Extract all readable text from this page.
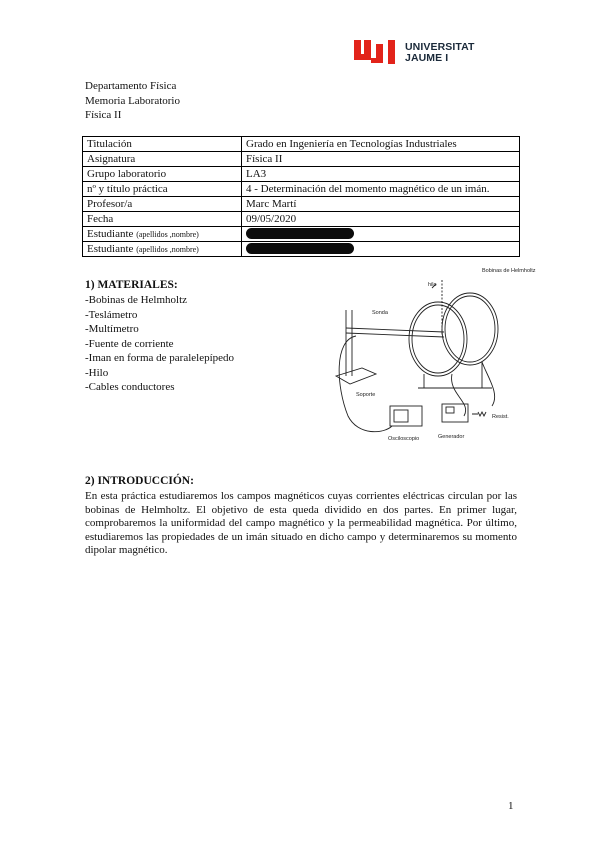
UNIVERSITAT
JAUME I
Departamento Física
Memoria Laboratorio
Física II
Titulación	Grado en Ingeniería en Tecnologías Industriales
Asignatura	Física II
Grupo laboratorio	LA3
nº y título práctica	4 - Determinación del momento magnético de un imán.
Profesor/a	Marc Martí
Fecha	09/05/2020
Estudiante (apellidos ,nombre)	
Estudiante (apellidos ,nombre)	
1) MATERIALES:
-Bobinas de Helmholtz
-Teslámetro
-Multímetro
-Fuente de corriente
-Iman en forma de paralelepípedo
-Hilo
-Cables conductores
Bobinas de Helmholtz
hilo
Sonda
Soporte
Osciloscopio	Generador
Resist.
2) INTRODUCCIÓN:

En esta práctica estudiaremos los campos magnéticos cuyas corrientes eléctricas circulan por las bobinas de Helmholtz. El objetivo de esta queda dividido en dos partes. En primer lugar, comprobaremos la uniformidad del campo magnético y la permeabilidad magnética. Por último, estudiaremos las propiedades de un imán situado en dicho campo y determinaremos su momento dipolar magnético.

1
